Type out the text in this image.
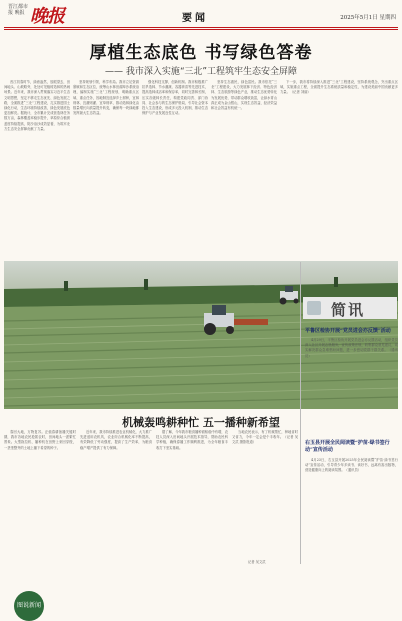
晋江都市报 晚报 晚报	要闻	2025年5月1日 星期四
厚植生态底色 书写绿色答卷
—— 我市深入实施“三北”工程筑牢生态安全屏障

晋江初春时节，绿意盎然，放眼望去，田间地头、山坡路旁，处处可见植树造林的热闹场景。近年来，我市深入贯彻落实习近平生态文明思想，坚定不移走生态优先、绿色发展之路，全面推进“三北”工程建设，扎实推进国土绿化行动，生态环境持续改善，绿色发展底色更加鲜亮。据统计，全市累计完成营造林任务数万亩，森林覆盖率稳步提升，草原综合植被盖度持续提高，防沙治沙成效显著，为筑牢北方生态安全屏障贡献了力量。

坚持规划引领，科学布局。我市立足资源禀赋和生态区位，统筹山水林田湖草沙系统治理，编制实施“三北”工程规划，明确重点区域、重点任务，因地制宜选择乡土树种，宜林则林、宜灌则灌、宜草则草，推动造林绿化由数量增长向质量提升转变，确保每一块绿地都发挥最大生态效益。

强化科技支撑，创新机制。我市积极推广抗旱造林、节水灌溉、容器育苗等先进技术，提高造林成活率和保存率，同时完善林长制，压实各级林长责任，构建党政同责、部门协同、社会参与的生态保护格局，引导社会资本投入生态建设，形成多元投入机制，推动生态保护与产业发展良性互动。

坚持生态惠民，绿色富民。我市依托“三北”工程建设，大力发展林下经济、特色经济林、生态旅游等绿色产业，推动生态优势转化为发展优势，带动群众增收致富，让绿水青山真正成为金山银山，实现生态效益、经济效益和社会效益有机统一。

下一步，我市将持续深入推进“三北”工程建设，坚持系统观念，突出重点区域，实施重点工程，全面提升生态系统质量和稳定性，为建设美丽中国贡献更多力量。（记者 刘丽）

图说新闻
机械轰鸣耕种忙 五一播种新希望

春回大地，万物复苏。正值春耕备播关键时期，我市各地农民抢抓农时，田间地头一派繁忙景象。大型拖拉机、播种机在田野上来回穿梭，一垄垄整齐的土地上播下希望的种子。

近年来，我市持续推进农业机械化，大力推广先进适用农机具，农业综合机械化率不断提高，有效降低了劳动强度，提高了生产效率，为粮食稳产增产提供了有力保障。

据了解，今年我市粮食播种面积稳中有增，农技人员深入田间地头开展技术指导，帮助农民科学种植，确保春播工作顺利推进，为全年粮食丰收打下坚实基础。

当地农民表示，有了机械帮忙，种地省时又省力，今年一定会是个丰收年。（记者 吴文武 摄影报道）

记者 吴文武
简讯
平鲁区检协开展“党员进会亦反馈”活动

4月29日，平鲁区检协开展党员进会亦反馈活动，组织党员深入社区开展志愿服务，宣传政策法规，收集群众意见建议，切实解决群众急难愁盼问题，进一步密切党群干群关系。（通讯员）

右玉县开展全民阅读暨“护苗·绿书签行动”宣传活动

4月23日，右玉县开展2025年全民阅读暨“护苗·绿书签行动”宣传活动，引导青少年多读书、读好书，远离有害出版物，营造健康向上的阅读氛围。（通讯员）
